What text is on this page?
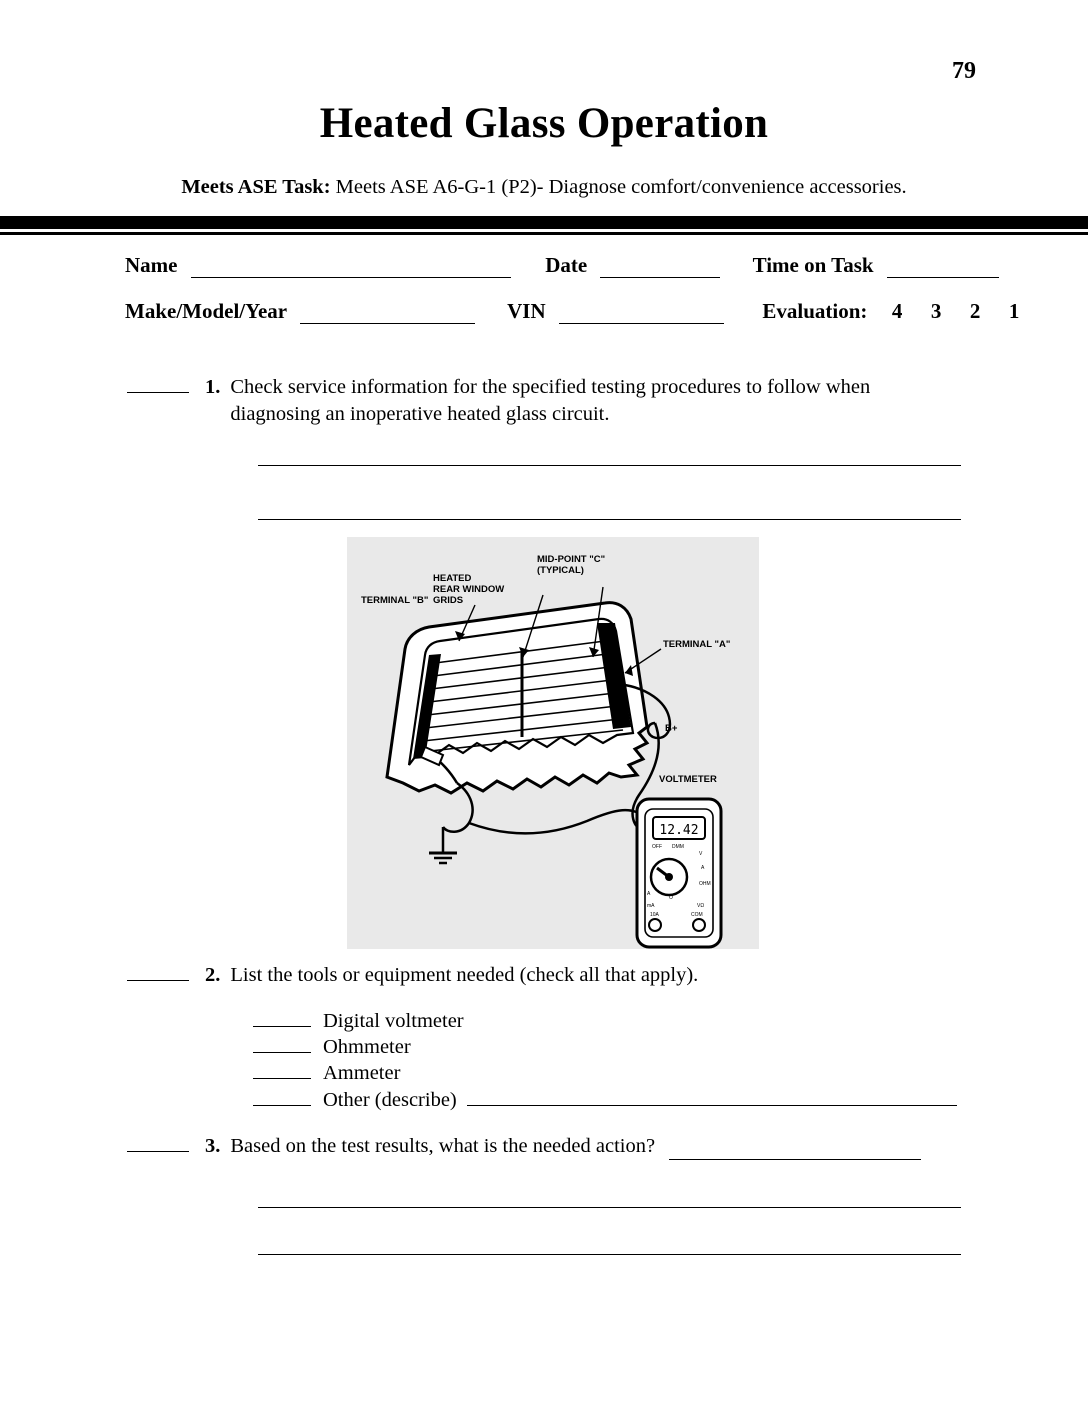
79
Heated Glass Operation
Meets ASE Task: Meets ASE A6-G-1 (P2)- Diagnose comfort/convenience accessories.
Name	Date	Time on Task
Make/Model/Year	VIN	Evaluation: 4 3 2 1
1. Check service information for the specified testing procedures to follow when diagnosing an inoperative heated glass circuit.
12.42
OFF DMM
V
A
OHM
A
O
mA	VΩ
10A	COM
HEATED
REAR WINDOW
GRIDS
MID-POINT "C"
(TYPICAL)
TERMINAL "B"
TERMINAL "A"
B+
VOLTMETER
2. List the tools or equipment needed (check all that apply).
Digital voltmeter
Ohmmeter
Ammeter
Other (describe)
3. Based on the test results, what is the needed action?
